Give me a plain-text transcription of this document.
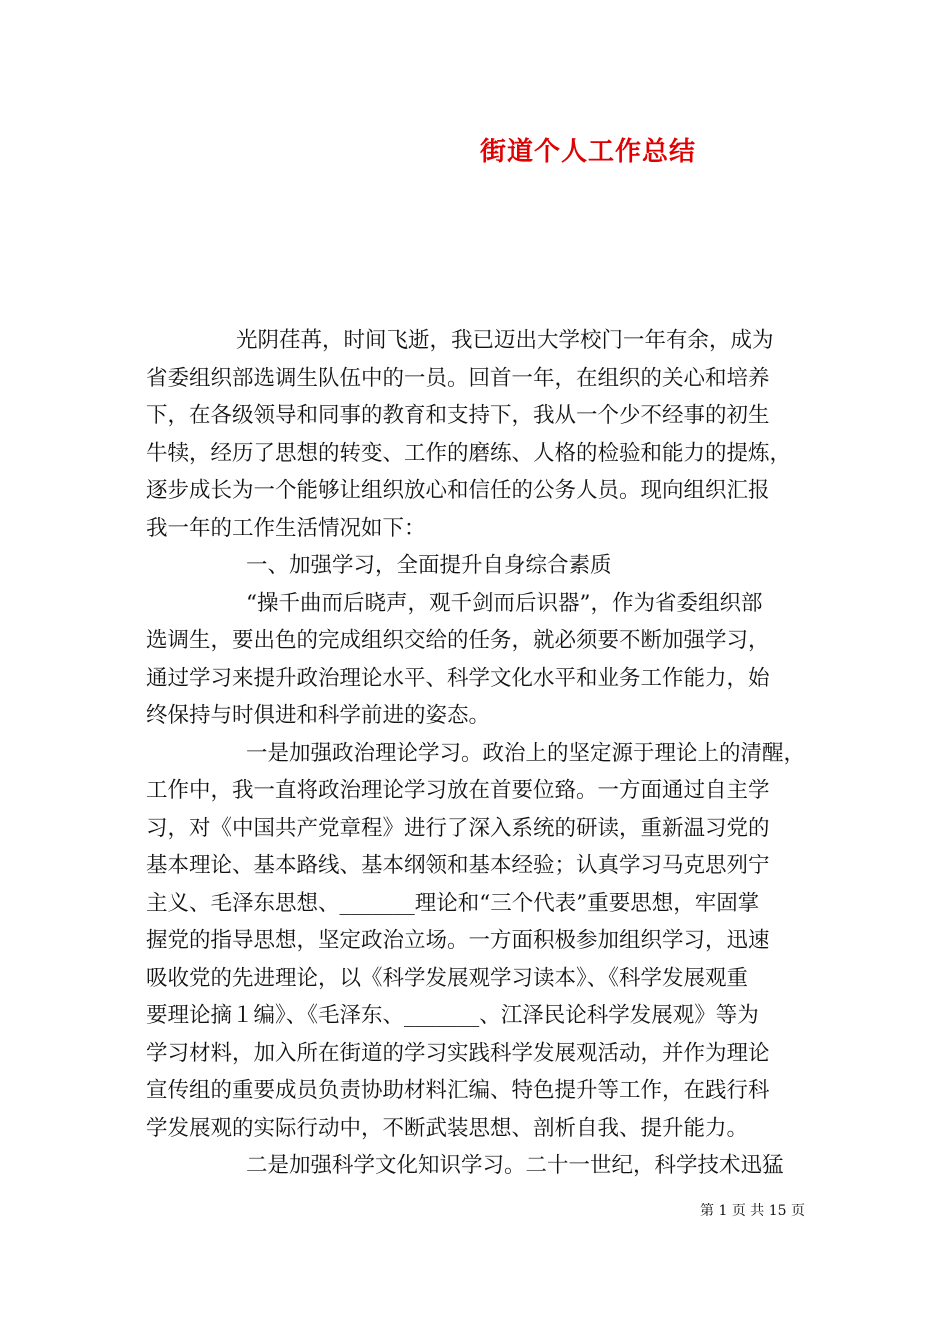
街道个人工作总结
光阴荏苒，时间飞逝，我已迈出大学校门一年有余，成为
省委组织部选调生队伍中的一员。回首一年，在组织的关心和培养
下，在各级领导和同事的教育和支持下，我从一个少不经事的初生
牛犊，经历了思想的转变、工作的磨练、人格的检验和能力的提炼，
逐步成长为一个能够让组织放心和信任的公务人员。现向组织汇报
我一年的工作生活情况如下：
一、加强学习，全面提升自身综合素质
“操千曲而后晓声，观千剑而后识器”，作为省委组织部
选调生，要出色的完成组织交给的任务，就必须要不断加强学习，
通过学习来提升政治理论水平、科学文化水平和业务工作能力，始
终保持与时俱进和科学前进的姿态。
一是加强政治理论学习。政治上的坚定源于理论上的清醒，
工作中，我一直将政治理论学习放在首要位臵。一方面通过自主学
习，对《中国共产党章程》进行了深入系统的研读，重新温习党的
基本理论、基本路线、基本纲领和基本经验；认真学习马克思列宁
主义、毛泽东思想、_______理论和“三个代表”重要思想，牢固掌
握党的指导思想，坚定政治立场。一方面积极参加组织学习，迅速
吸收党的先进理论，以《科学发展观学习读本》、《科学发展观重
要理论摘１编》、《毛泽东、_______、江泽民论科学发展观》等为
学习材料，加入所在街道的学习实践科学发展观活动，并作为理论
宣传组的重要成员负责协助材料汇编、特色提升等工作，在践行科
学发展观的实际行动中，不断武装思想、剖析自我、提升能力。
二是加强科学文化知识学习。二十一世纪，科学技术迅猛
第 1 页 共 15 页
